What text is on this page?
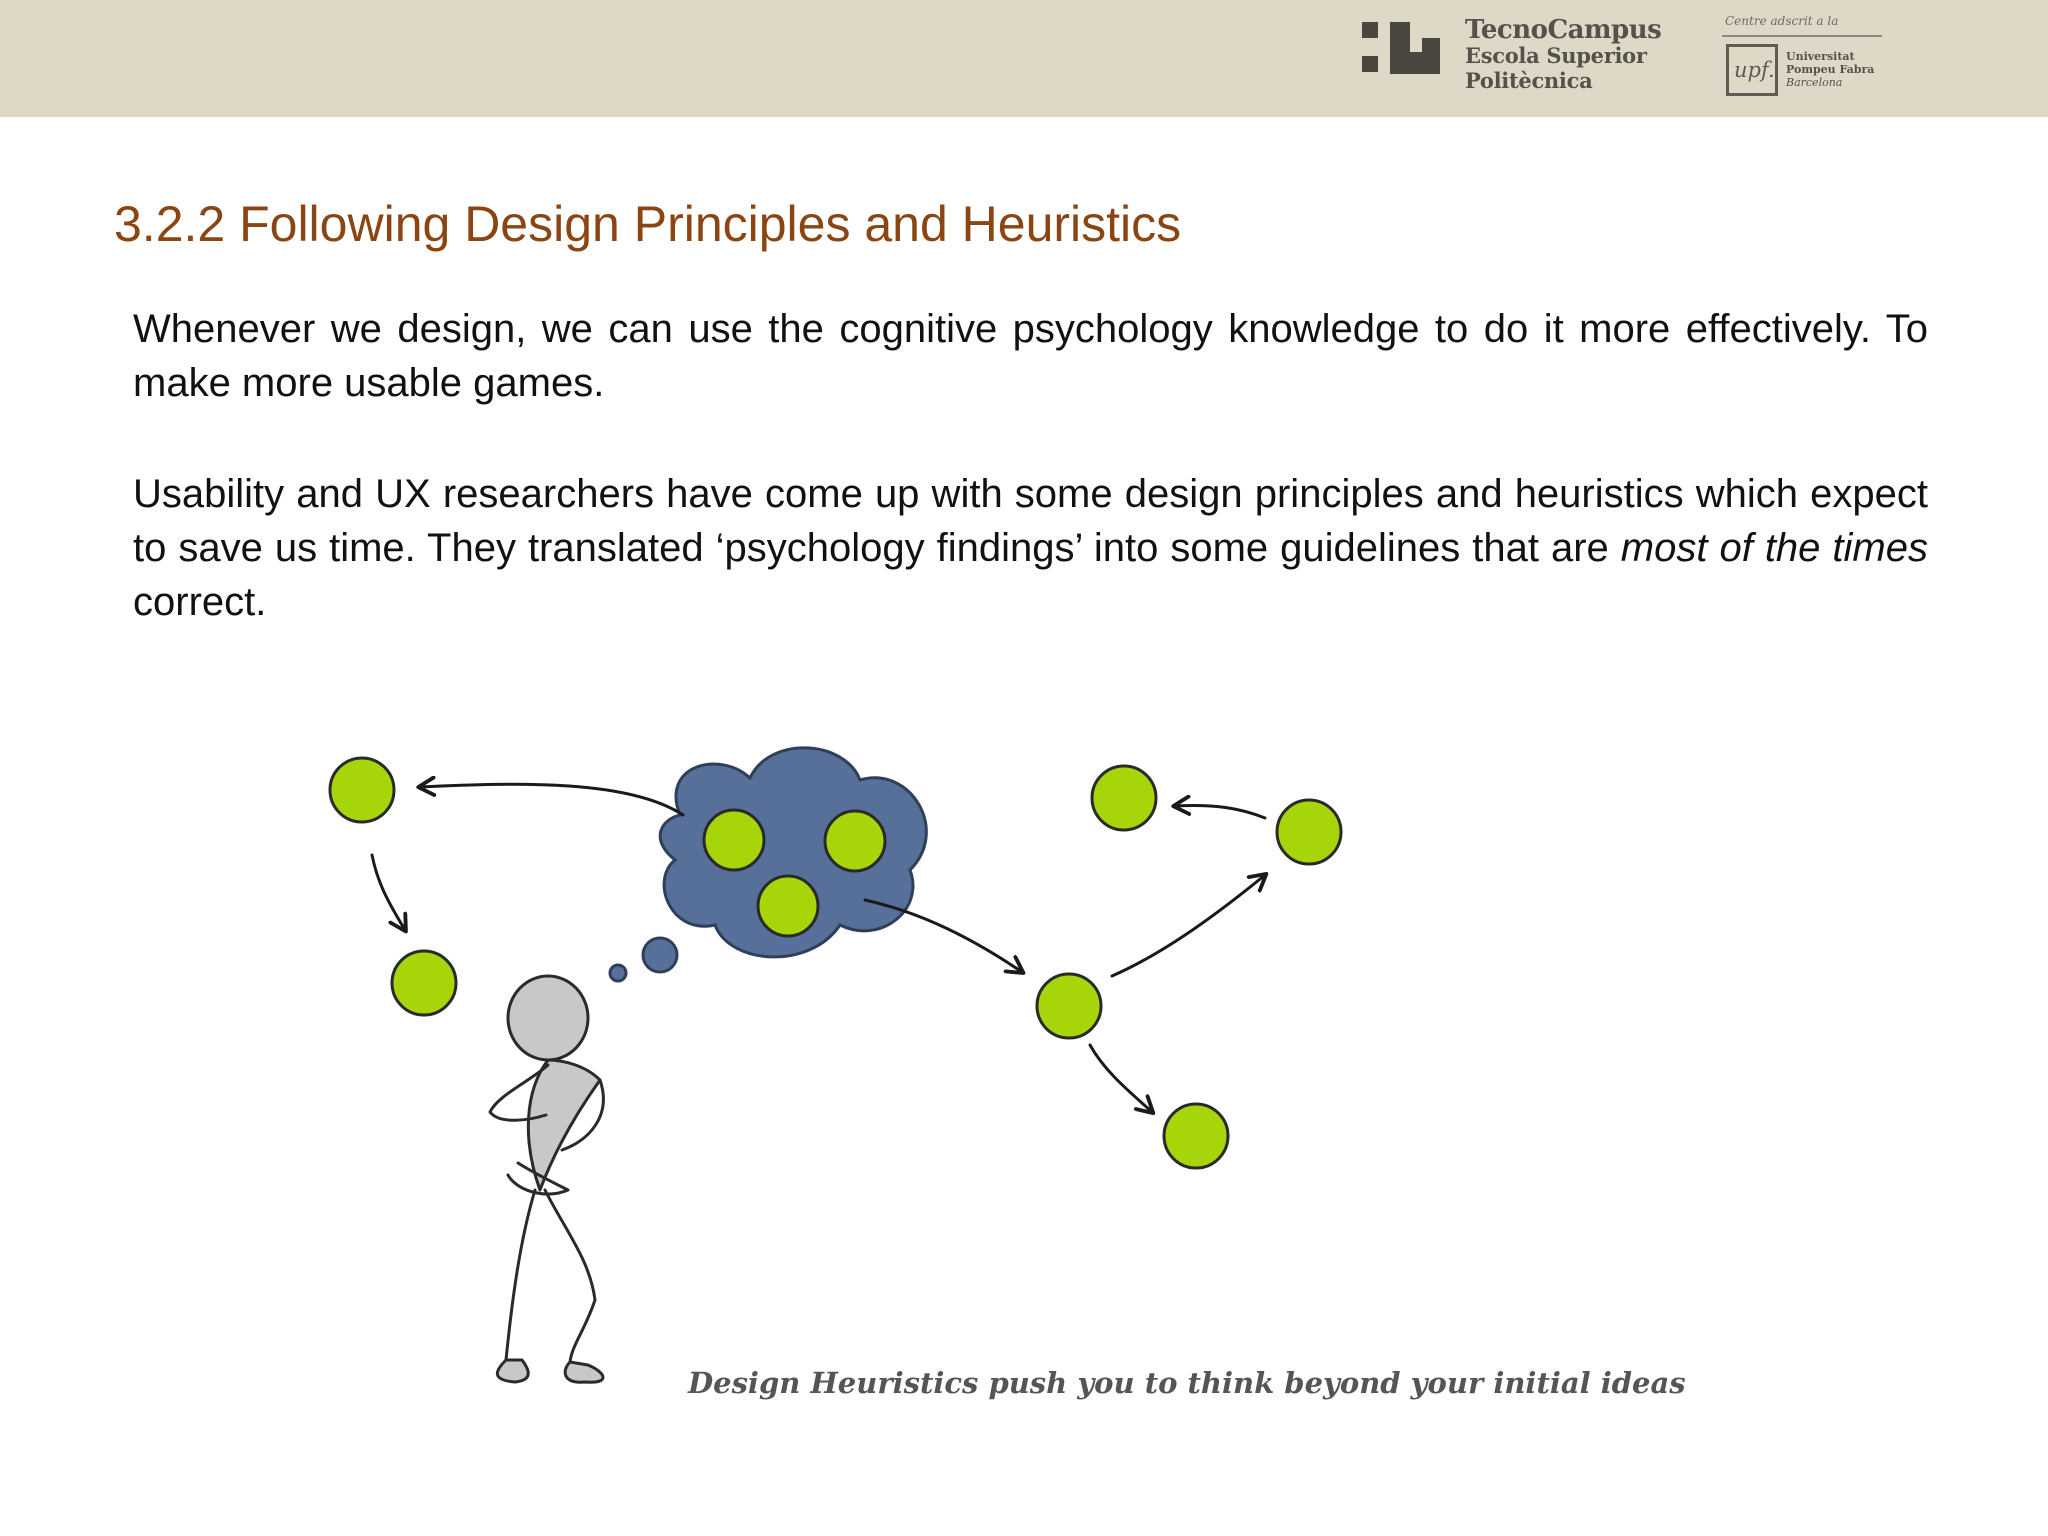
TecnoCampus
Escola Superior
Politècnica
Centre adscrit a la
upf.
Universitat
Pompeu Fabra
Barcelona
3.2.2 Following Design Principles and Heuristics

Whenever we design, we can use the cognitive psychology knowledge to do it more effectively. To make more usable games.

Usability and UX researchers have come up with some design principles and heuristics which expect to save us time. They translated ‘psychology findings’ into some guidelines that are most of the times correct.

Design Heuristics push you to think beyond your initial ideas
